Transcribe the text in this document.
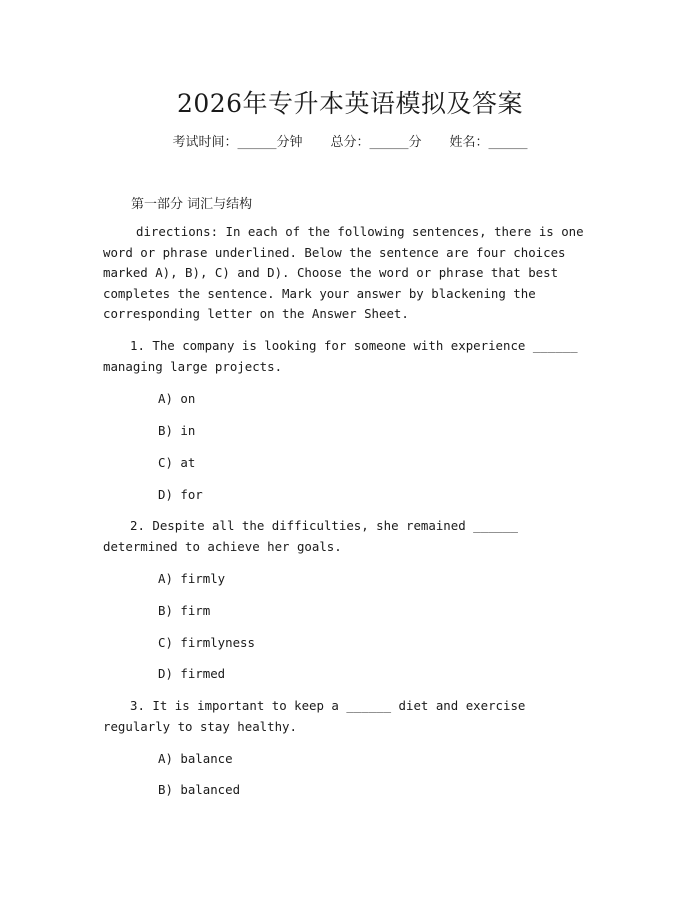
2026年专升本英语模拟及答案
考试时间：______分钟 总分：______分 姓名：______
第一部分 词汇与结构

directions: In each of the following sentences, there is one word or phrase underlined. Below the sentence are four choices marked A), B), C) and D). Choose the word or phrase that best completes the sentence. Mark your answer by blackening the corresponding letter on the Answer Sheet.

1. The company is looking for someone with experience ______ managing large projects.

A) on
B) in
C) at
D) for

2. Despite all the difficulties, she remained ______ determined to achieve her goals.

A) firmly
B) firm
C) firmlyness
D) firmed

3. It is important to keep a ______ diet and exercise regularly to stay healthy.

A) balance
B) balanced
